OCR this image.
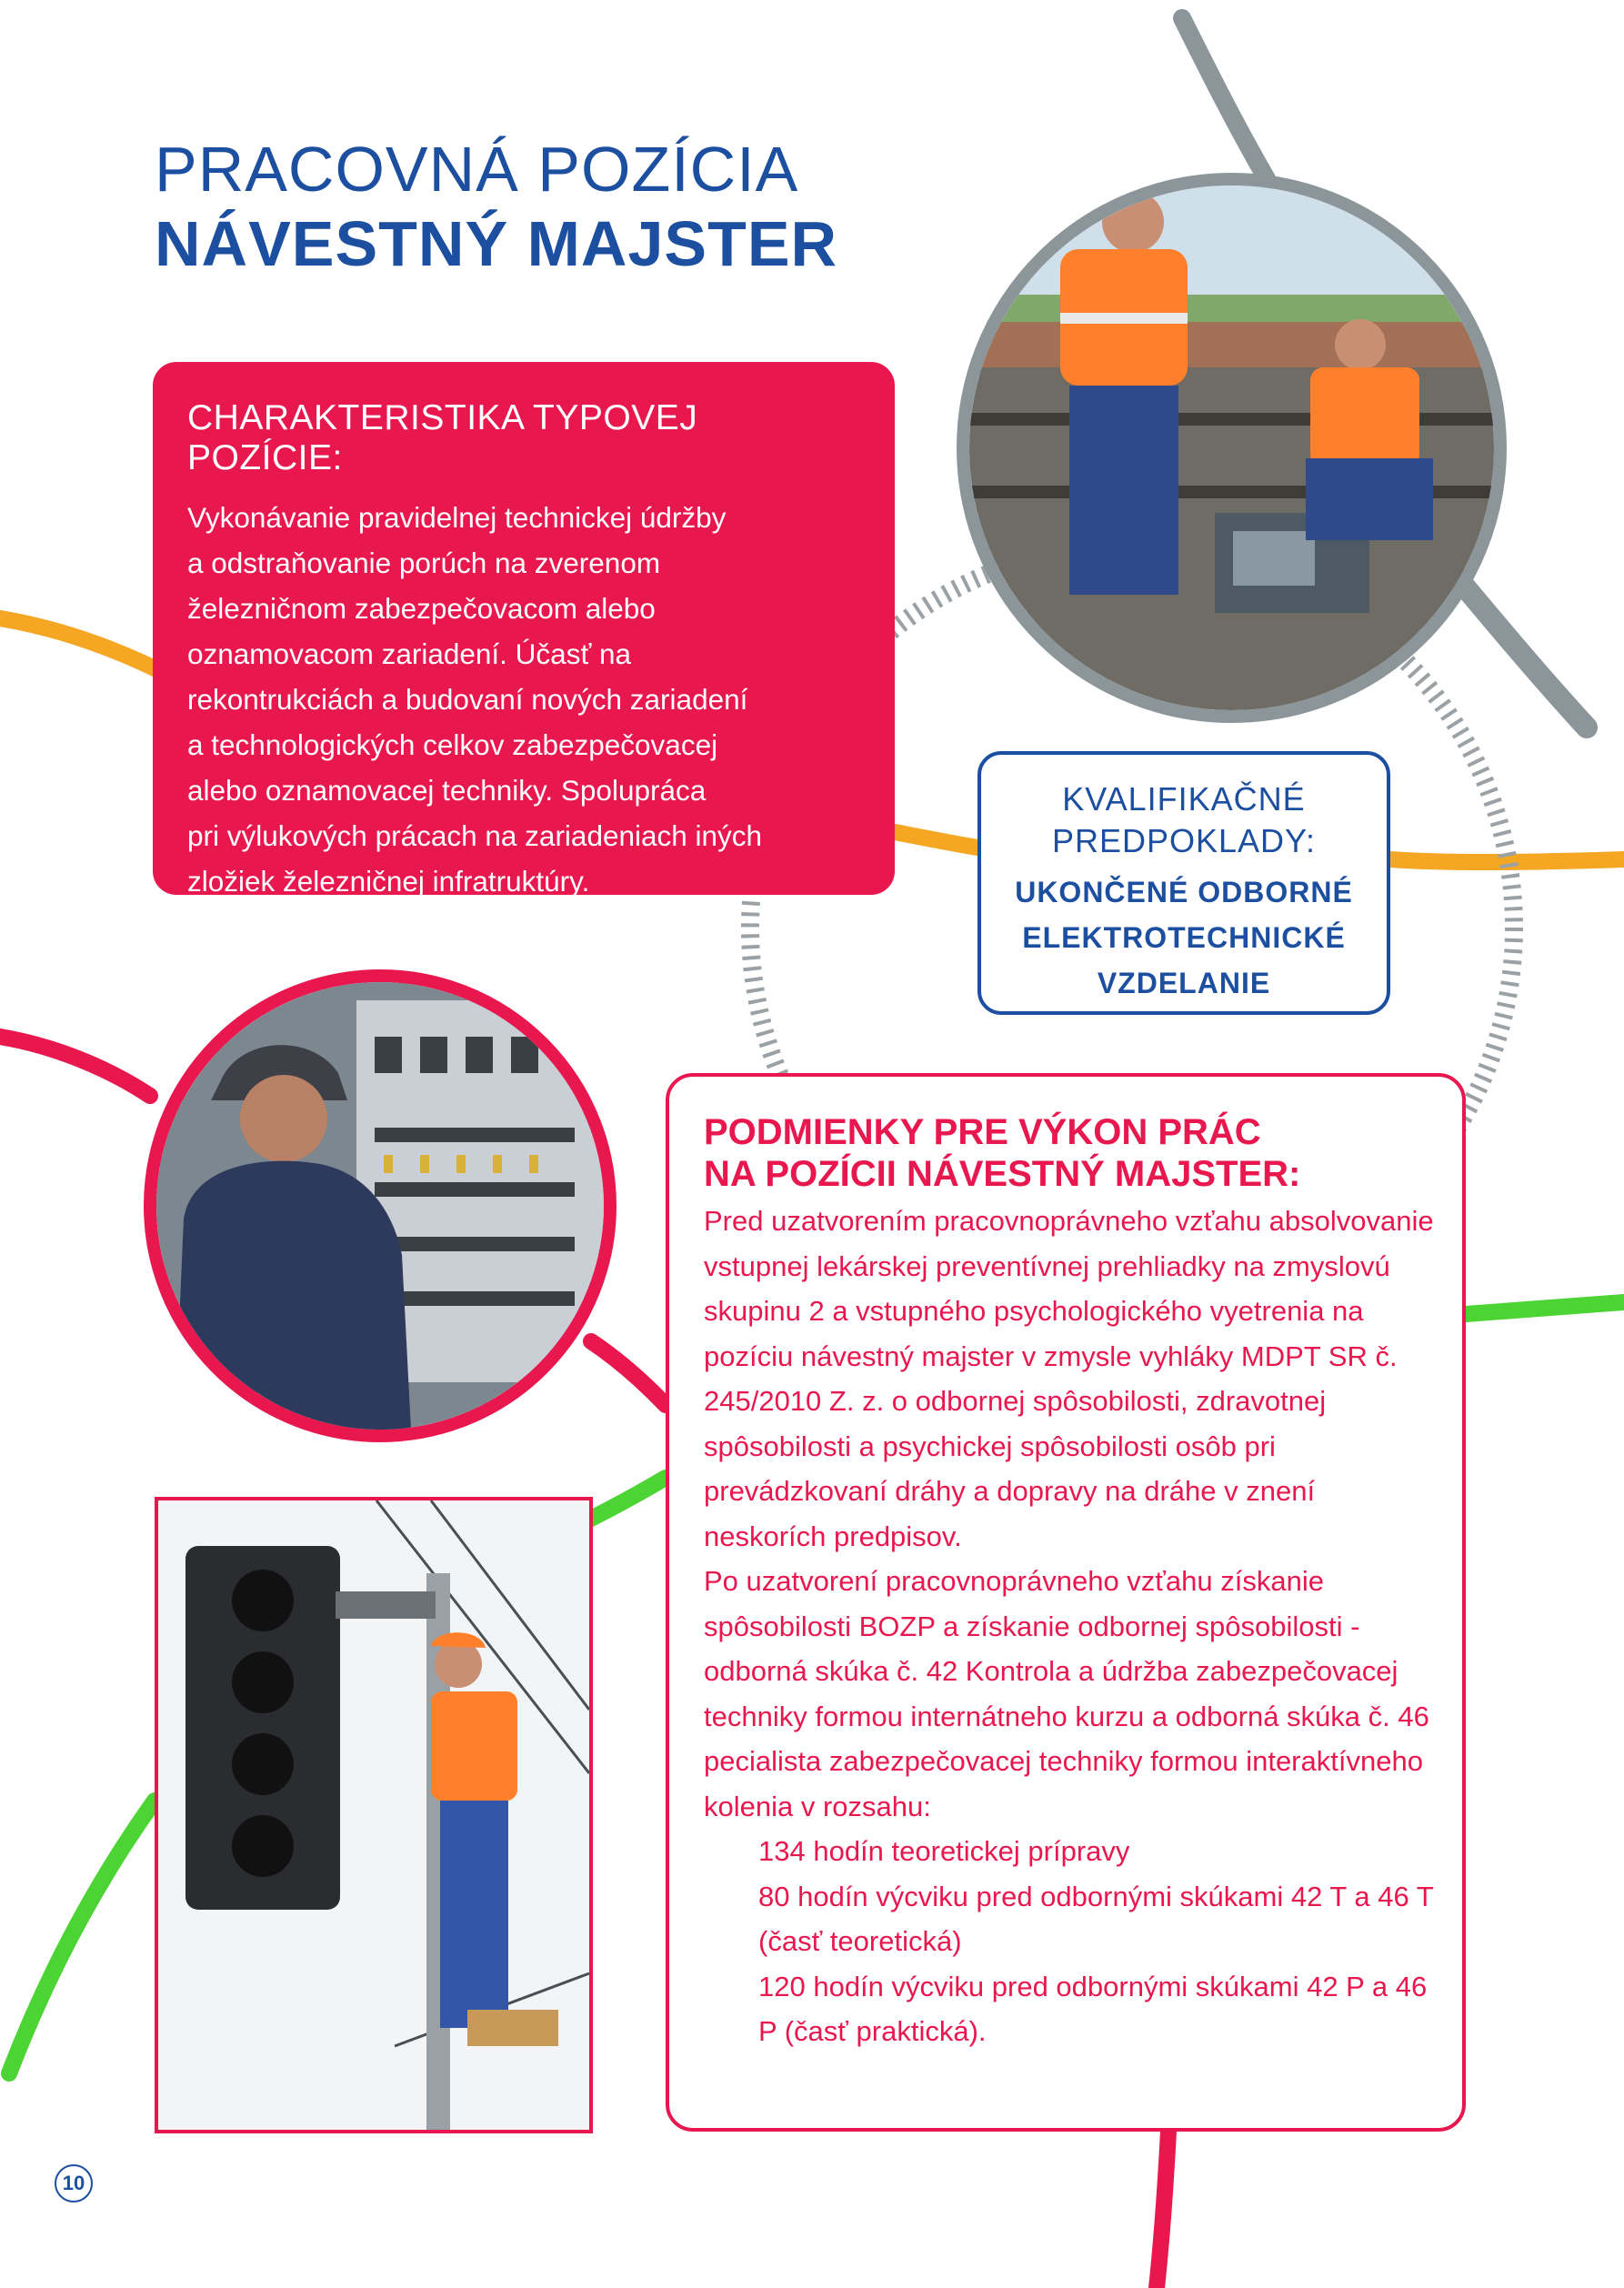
PRACOVNÁ POZÍCIA
NÁVESTNÝ MAJSTER
CHARAKTERISTIKA TYPOVEJ POZÍCIE:

Vykonávanie pravidelnej technickej údržby
a odstraňovanie porúch na zverenom
železničnom zabezpečovacom alebo
oznamovacom zariadení. Účasť na
rekontrukciách a budovaní nových zariadení
a technologických celkov zabezpečovacej
alebo oznamovacej techniky. Spolupráca
pri výlukových prácach na zariadeniach iných
zložiek železničnej infratruktúry.

KVALIFIKAČNÉ
PREDPOKLADY:
UKONČENÉ ODBORNÉ
ELEKTROTECHNICKÉ
VZDELANIE
PODMIENKY PRE VÝKON PRÁC
NA POZÍCII NÁVESTNÝ MAJSTER:

Pred uzatvorením pracovnoprávneho vzťahu absolvovanie vstupnej lekárskej preventívnej prehliadky na zmyslovú skupinu 2 a vstupného psychologického vyetrenia na pozíciu návestný majster v zmysle vyhláky MDPT SR č. 245/2010 Z. z. o odbornej spôsobilosti, zdravotnej spôsobilosti a psychickej spôsobilosti osôb pri prevádzkovaní dráhy a dopravy na dráhe v znení neskorích predpisov.

Po uzatvorení pracovnoprávneho vzťahu získanie spôsobilosti BOZP a získanie odbornej spôsobilosti - odborná skúka č. 42 Kontrola a údržba zabezpečovacej techniky formou internátneho kurzu a odborná skúka č. 46 pecialista zabezpečovacej techniky formou interaktívneho kolenia v rozsahu:

134 hodín teoretickej prípravy
80 hodín výcviku pred odbornými skúkami 42 T a 46 T (časť teoretická)
120 hodín výcviku pred odbornými skúkami 42 P a 46 P (časť praktická).
10
